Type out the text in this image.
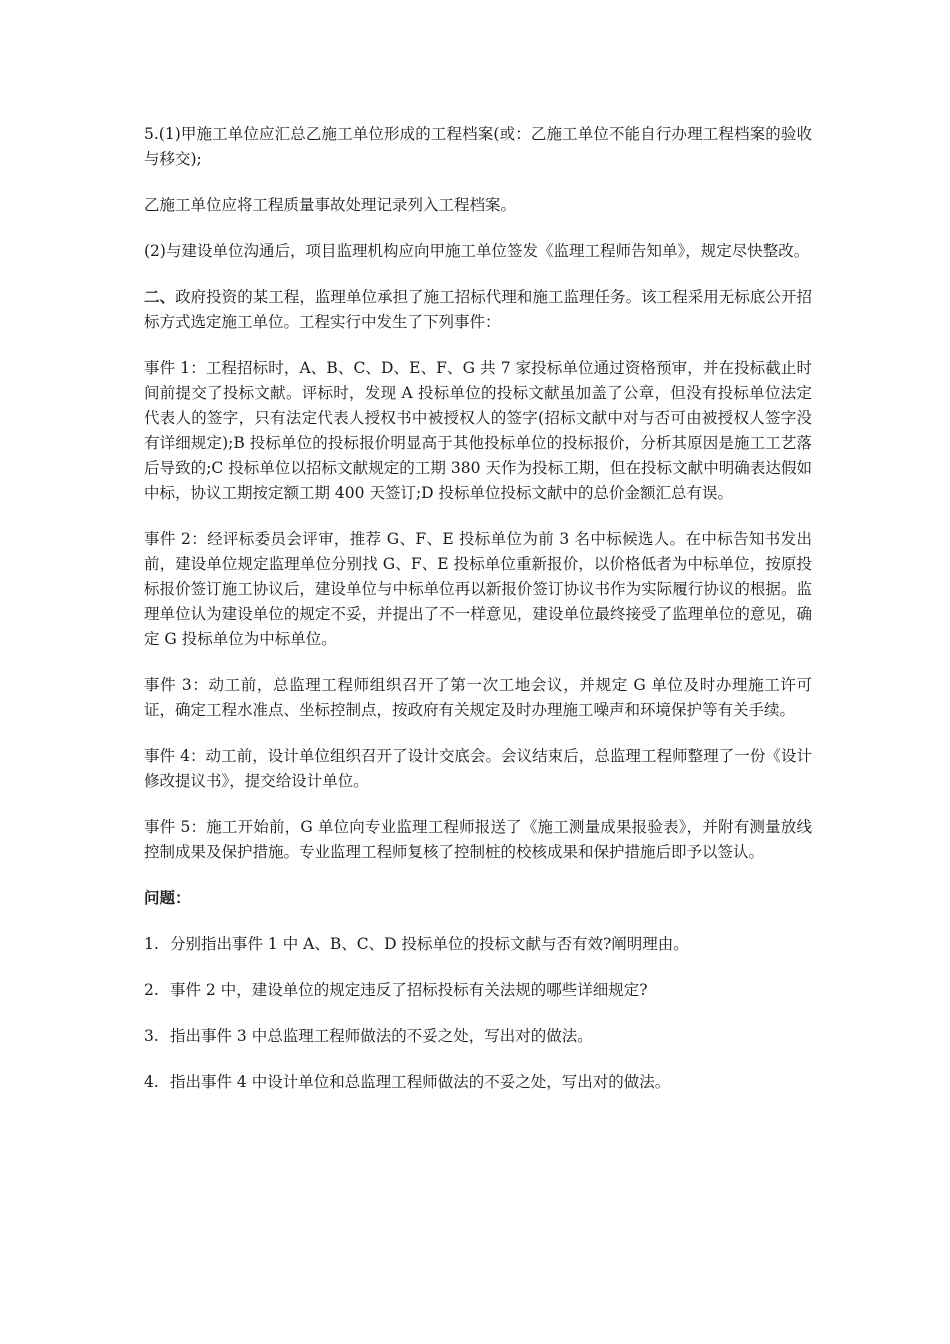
5.(1)甲施工单位应汇总乙施工单位形成的工程档案(或：乙施工单位不能自行办理工程档案的验收与移交);

乙施工单位应将工程质量事故处理记录列入工程档案。

(2)与建设单位沟通后，项目监理机构应向甲施工单位签发《监理工程师告知单》，规定尽快整改。

二、政府投资的某工程，监理单位承担了施工招标代理和施工监理任务。该工程采用无标底公开招标方式选定施工单位。工程实行中发生了下列事件：

事件 1：工程招标时，A、B、C、D、E、F、G 共 7 家投标单位通过资格预审，并在投标截止时间前提交了投标文献。评标时，发现 A 投标单位的投标文献虽加盖了公章，但没有投标单位法定代表人的签字，只有法定代表人授权书中被授权人的签字(招标文献中对与否可由被授权人签字没有详细规定);B 投标单位的投标报价明显高于其他投标单位的投标报价，分析其原因是施工工艺落后导致的;C 投标单位以招标文献规定的工期 380 天作为投标工期，但在投标文献中明确表达假如中标，协议工期按定额工期 400 天签订;D 投标单位投标文献中的总价金额汇总有误。

事件 2：经评标委员会评审，推荐 G、F、E 投标单位为前 3 名中标候选人。在中标告知书发出前，建设单位规定监理单位分别找 G、F、E 投标单位重新报价，以价格低者为中标单位，按原投标报价签订施工协议后，建设单位与中标单位再以新报价签订协议书作为实际履行协议的根据。监理单位认为建设单位的规定不妥，并提出了不一样意见，建设单位最终接受了监理单位的意见，确定 G 投标单位为中标单位。

事件 3：动工前，总监理工程师组织召开了第一次工地会议，并规定 G 单位及时办理施工许可证，确定工程水准点、坐标控制点，按政府有关规定及时办理施工噪声和环境保护等有关手续。

事件 4：动工前，设计单位组织召开了设计交底会。会议结束后，总监理工程师整理了一份《设计修改提议书》，提交给设计单位。

事件 5：施工开始前，G 单位向专业监理工程师报送了《施工测量成果报验表》，并附有测量放线控制成果及保护措施。专业监理工程师复核了控制桩的校核成果和保护措施后即予以签认。

问题：

1. 分别指出事件 1 中 A、B、C、D 投标单位的投标文献与否有效?阐明理由。

2. 事件 2 中，建设单位的规定违反了招标投标有关法规的哪些详细规定?

3. 指出事件 3 中总监理工程师做法的不妥之处，写出对的做法。

4. 指出事件 4 中设计单位和总监理工程师做法的不妥之处，写出对的做法。
